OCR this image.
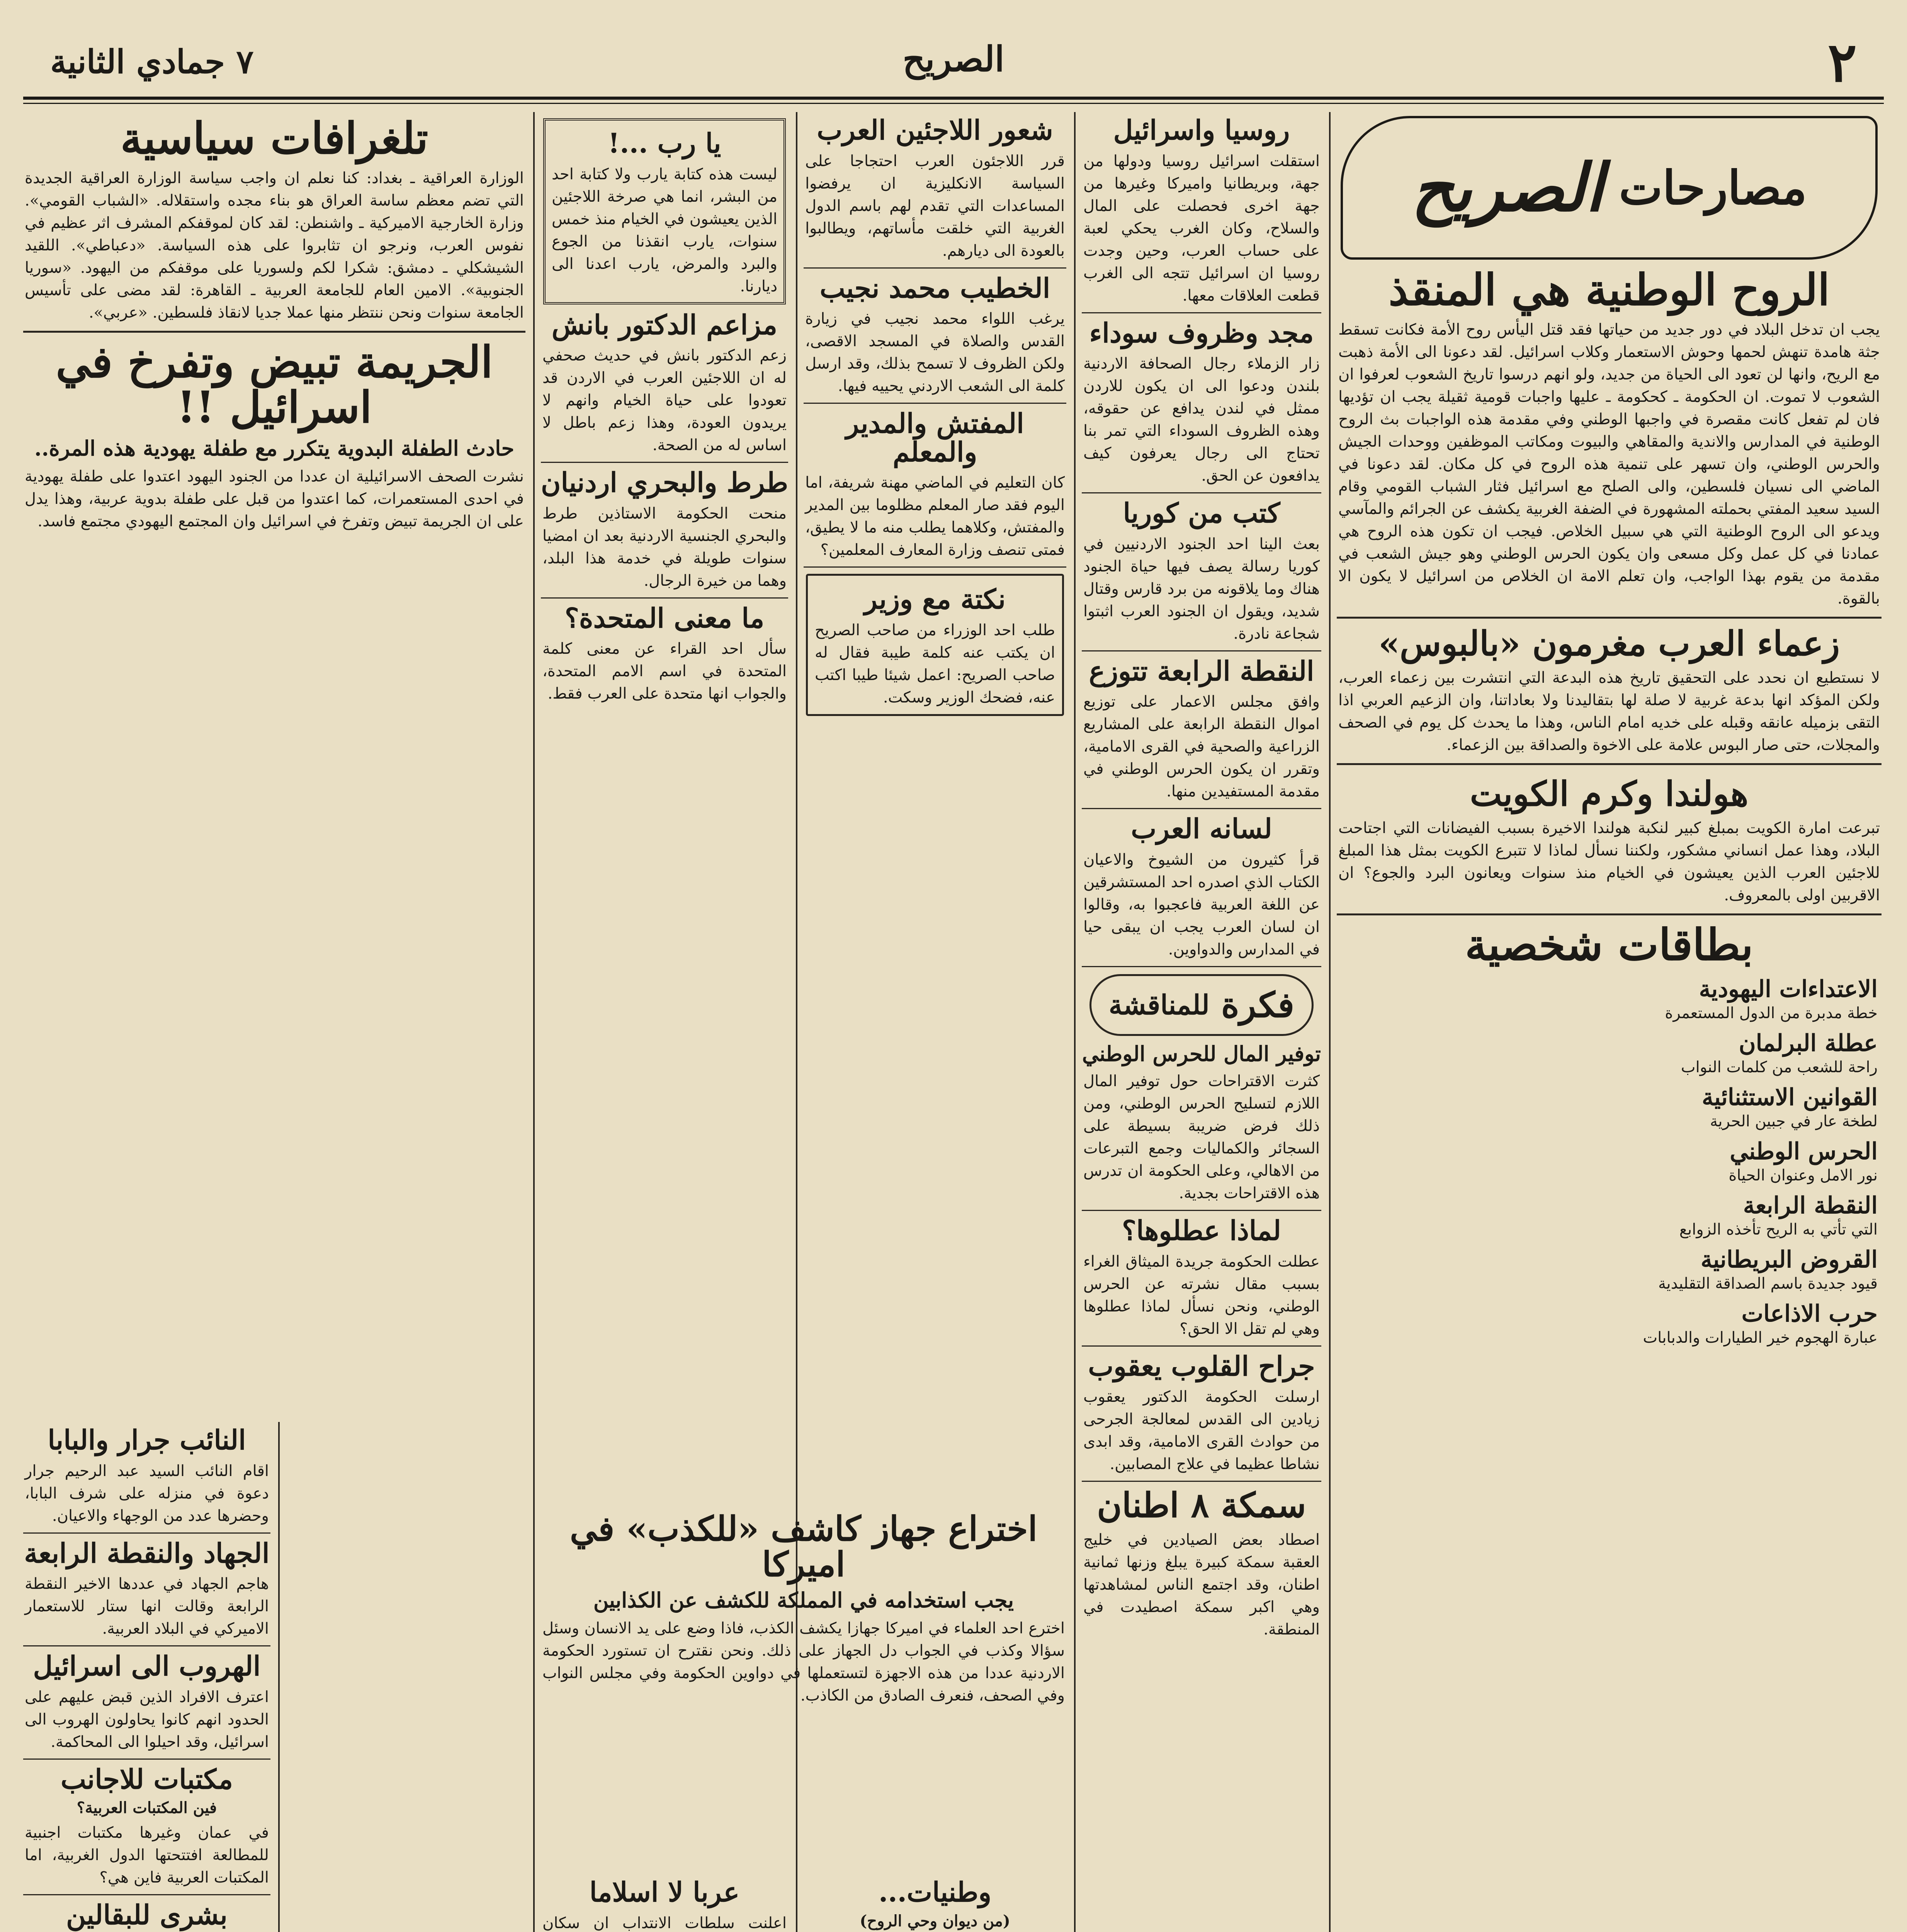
٢
الصريح
٧ جمادي الثانية
مصارحات
الصريح
الروح الوطنية هي المنقذ
يجب ان تدخل البلاد في دور جديد من حياتها فقد قتل اليأس روح الأمة فكانت تسقط جثة هامدة تنهش لحمها وحوش الاستعمار وكلاب اسرائيل. لقد دعونا الى الأمة ذهبت مع الريح، وانها لن تعود الى الحياة من جديد، ولو انهم درسوا تاريخ الشعوب لعرفوا ان الشعوب لا تموت. ان الحكومة ـ كحكومة ـ عليها واجبات قومية ثقيلة يجب ان تؤديها فان لم تفعل كانت مقصرة في واجبها الوطني وفي مقدمة هذه الواجبات بث الروح الوطنية في المدارس والاندية والمقاهي والبيوت ومكاتب الموظفين ووحدات الجيش والحرس الوطني، وان تسهر على تنمية هذه الروح في كل مكان. لقد دعونا في الماضي الى نسيان فلسطين، والى الصلح مع اسرائيل فثار الشباب القومي وقام السيد سعيد المفتي بحملته المشهورة في الضفة الغربية يكشف عن الجرائم والمآسي ويدعو الى الروح الوطنية التي هي سبيل الخلاص. فيجب ان تكون هذه الروح هي عمادنا في كل عمل وكل مسعى وان يكون الحرس الوطني وهو جيش الشعب في مقدمة من يقوم بهذا الواجب، وان تعلم الامة ان الخلاص من اسرائيل لا يكون الا بالقوة.
زعماء العرب مغرمون «بالبوس»
لا نستطيع ان نحدد على التحقيق تاريخ هذه البدعة التي انتشرت بين زعماء العرب، ولكن المؤكد انها بدعة غربية لا صلة لها بتقاليدنا ولا بعاداتنا، وان الزعيم العربي اذا التقى بزميله عانقه وقبله على خديه امام الناس، وهذا ما يحدث كل يوم في الصحف والمجلات، حتى صار البوس علامة على الاخوة والصداقة بين الزعماء.
هولندا وكرم الكويت
تبرعت امارة الكويت بمبلغ كبير لنكبة هولندا الاخيرة بسبب الفيضانات التي اجتاحت البلاد، وهذا عمل انساني مشكور، ولكننا نسأل لماذا لا تتبرع الكويت بمثل هذا المبلغ للاجئين العرب الذين يعيشون في الخيام منذ سنوات ويعانون البرد والجوع؟ ان الاقربين اولى بالمعروف.
بطاقات شخصية
الاعتداءات اليهودية
خطة مدبرة من الدول المستعمرة
عطلة البرلمان
راحة للشعب من كلمات النواب
القوانين الاستثنائية
لطخة عار في جبين الحرية
الحرس الوطني
نور الامل وعنوان الحياة
النقطة الرابعة
التي تأتي به الريح تأخذه الزوابع
القروض البريطانية
قيود جديدة باسم الصداقة التقليدية
حرب الاذاعات
عبارة الهجوم خير الطيارات والدبابات
روسيا واسرائيل
استقلت اسرائيل روسيا ودولها من جهة، وبريطانيا واميركا وغيرها من جهة اخرى فحصلت على المال والسلاح، وكان الغرب يحكي لعبة على حساب العرب، وحين وجدت روسيا ان اسرائيل تتجه الى الغرب قطعت العلاقات معها.
مجد وظروف سوداء
زار الزملاء رجال الصحافة الاردنية بلندن ودعوا الى ان يكون للاردن ممثل في لندن يدافع عن حقوقه، وهذه الظروف السوداء التي تمر بنا تحتاج الى رجال يعرفون كيف يدافعون عن الحق.
كتب من كوريا
بعث الينا احد الجنود الاردنيين في كوريا رسالة يصف فيها حياة الجنود هناك وما يلاقونه من برد قارس وقتال شديد، ويقول ان الجنود العرب اثبتوا شجاعة نادرة.
النقطة الرابعة تتوزع
وافق مجلس الاعمار على توزيع اموال النقطة الرابعة على المشاريع الزراعية والصحية في القرى الامامية، وتقرر ان يكون الحرس الوطني في مقدمة المستفيدين منها.
لسانه العرب
قرأ كثيرون من الشيوخ والاعيان الكتاب الذي اصدره احد المستشرقين عن اللغة العربية فاعجبوا به، وقالوا ان لسان العرب يجب ان يبقى حيا في المدارس والدواوين.
فكرة
للمناقشة
توفير المال للحرس الوطني
كثرت الاقتراحات حول توفير المال اللازم لتسليح الحرس الوطني، ومن ذلك فرض ضريبة بسيطة على السجائر والكماليات وجمع التبرعات من الاهالي، وعلى الحكومة ان تدرس هذه الاقتراحات بجدية.
لماذا عطلوها؟
عطلت الحكومة جريدة الميثاق الغراء بسبب مقال نشرته عن الحرس الوطني، ونحن نسأل لماذا عطلوها وهي لم تقل الا الحق؟
جراح القلوب يعقوب
ارسلت الحكومة الدكتور يعقوب زيادين الى القدس لمعالجة الجرحى من حوادث القرى الامامية، وقد ابدى نشاطا عظيما في علاج المصابين.
سمكة ٨ اطنان
اصطاد بعض الصيادين في خليج العقبة سمكة كبيرة يبلغ وزنها ثمانية اطنان، وقد اجتمع الناس لمشاهدتها وهي اكبر سمكة اصطيدت في المنطقة.
شعور اللاجئين العرب
قرر اللاجئون العرب احتجاجا على السياسة الانكليزية ان يرفضوا المساعدات التي تقدم لهم باسم الدول الغربية التي خلقت مأساتهم، ويطالبوا بالعودة الى ديارهم.
الخطيب محمد نجيب
يرغب اللواء محمد نجيب في زيارة القدس والصلاة في المسجد الاقصى، ولكن الظروف لا تسمح بذلك، وقد ارسل كلمة الى الشعب الاردني يحييه فيها.
المفتش والمدير والمعلم
كان التعليم في الماضي مهنة شريفة، اما اليوم فقد صار المعلم مظلوما بين المدير والمفتش، وكلاهما يطلب منه ما لا يطيق، فمتى تنصف وزارة المعارف المعلمين؟
نكتة مع وزير
طلب احد الوزراء من صاحب الصريح ان يكتب عنه كلمة طيبة فقال له صاحب الصريح: اعمل شيئا طيبا اكتب عنه، فضحك الوزير وسكت.
اختراع جهاز كاشف «للكذب» في اميركا
يجب استخدامه في المملكة للكشف عن الكذابين
اخترع احد العلماء في اميركا جهازا يكشف الكذب، فاذا وضع على يد الانسان وسئل سؤالا وكذب في الجواب دل الجهاز على ذلك. ونحن نقترح ان تستورد الحكومة الاردنية عددا من هذه الاجهزة لتستعملها في دواوين الحكومة وفي مجلس النواب وفي الصحف، فنعرف الصادق من الكاذب.
وطنيات...
(من ديوان وحي الروح)
يا رب ...!
ليست هذه كتابة يارب ولا كتابة احد من البشر، انما هي صرخة اللاجئين الذين يعيشون في الخيام منذ خمس سنوات، يارب انقذنا من الجوع والبرد والمرض، يارب اعدنا الى ديارنا.
مزاعم الدكتور بانش
زعم الدكتور بانش في حديث صحفي له ان اللاجئين العرب في الاردن قد تعودوا على حياة الخيام وانهم لا يريدون العودة، وهذا زعم باطل لا اساس له من الصحة.
طرط والبحري اردنيان
منحت الحكومة الاستاذين طرط والبحري الجنسية الاردنية بعد ان امضيا سنوات طويلة في خدمة هذا البلد، وهما من خيرة الرجال.
ما معنى المتحدة؟
سأل احد القراء عن معنى كلمة المتحدة في اسم الامم المتحدة، والجواب انها متحدة على العرب فقط.
عربا لا اسلاما
اعلنت سلطات الانتداب ان سكان
تلغرافات سياسية
الوزارة العراقية ـ بغداد: كنا نعلم ان واجب سياسة الوزارة العراقية الجديدة التي تضم معظم ساسة العراق هو بناء مجده واستقلاله. «الشباب القومي». وزارة الخارجية الاميركية ـ واشنطن: لقد كان لموقفكم المشرف اثر عظيم في نفوس العرب، ونرجو ان تثابروا على هذه السياسة. «دعباطي». اللقيد الشيشكلي ـ دمشق: شكرا لكم ولسوريا على موقفكم من اليهود. «سوريا الجنوبية». الامين العام للجامعة العربية ـ القاهرة: لقد مضى على تأسيس الجامعة سنوات ونحن ننتظر منها عملا جديا لانقاذ فلسطين. «عربي».
الجريمة تبيض وتفرخ في اسرائيل !!
حادث الطفلة البدوية يتكرر مع طفلة يهودية هذه المرة..
نشرت الصحف الاسرائيلية ان عددا من الجنود اليهود اعتدوا على طفلة يهودية في احدى المستعمرات، كما اعتدوا من قبل على طفلة بدوية عربية، وهذا يدل على ان الجريمة تبيض وتفرخ في اسرائيل وان المجتمع اليهودي مجتمع فاسد.
النائب جرار والبابا
اقام النائب السيد عبد الرحيم جرار دعوة في منزله على شرف البابا، وحضرها عدد من الوجهاء والاعيان.
الجهاد والنقطة الرابعة
هاجم الجهاد في عددها الاخير النقطة الرابعة وقالت انها ستار للاستعمار الاميركي في البلاد العربية.
الهروب الى اسرائيل
اعترف الافراد الذين قبض عليهم على الحدود انهم كانوا يحاولون الهروب الى اسرائيل، وقد احيلوا الى المحاكمة.
مكتبات للاجانب
فين المكتبات العربية؟
في عمان وغيرها مكتبات اجنبية للمطالعة افتتحتها الدول الغربية، اما المكتبات العربية فاين هي؟
بشرى للبقالين
